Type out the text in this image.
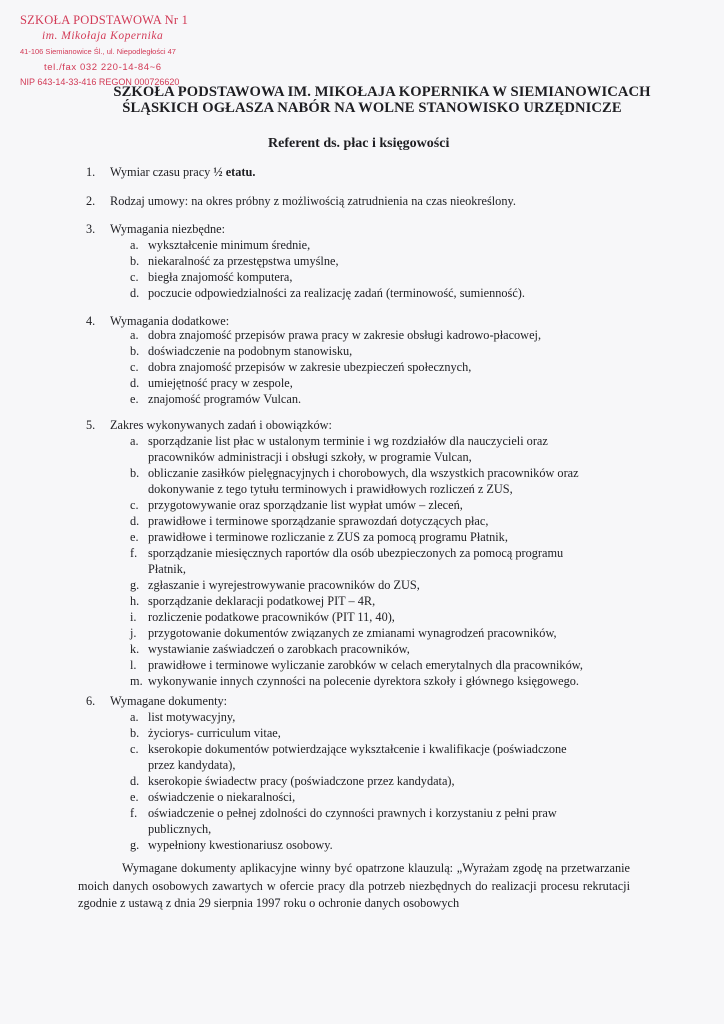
SZKOŁA PODSTAWOWA Nr 1
im. Mikołaja Kopernika
41-106 Siemianowice Śl., ul. Niepodległości 47
tel./fax 032 220-14-84~6
NIP 643-14-33-416 REGON 000726620
SZKOŁA PODSTAWOWA IM. MIKOŁAJA KOPERNIKA W SIEMIANOWICACH
ŚLĄSKICH OGŁASZA NABÓR NA WOLNE STANOWISKO URZĘDNICZE
Referent ds. płac i księgowości
1. Wymiar czasu pracy ½ etatu.
2. Rodzaj umowy: na okres próbny z możliwością zatrudnienia na czas nieokreślony.
3. Wymagania niezbędne:
a. wykształcenie minimum średnie,
b. niekaralność za przestępstwa umyślne,
c. biegła znajomość komputera,
d. poczucie odpowiedzialności za realizację zadań (terminowość, sumienność).
4. Wymagania dodatkowe:
a. dobra znajomość przepisów prawa pracy w zakresie obsługi kadrowo-płacowej,
b. doświadczenie na podobnym stanowisku,
c. dobra znajomość przepisów w zakresie ubezpieczeń społecznych,
d. umiejętność pracy w zespole,
e. znajomość programów Vulcan.
5. Zakres wykonywanych zadań i obowiązków:
a. sporządzanie list płac w ustalonym terminie i wg rozdziałów dla nauczycieli oraz
pracowników administracji i obsługi szkoły, w programie Vulcan,
b. obliczanie zasiłków pielęgnacyjnych i chorobowych, dla wszystkich pracowników oraz
dokonywanie z tego tytułu terminowych i prawidłowych rozliczeń z ZUS,
c. przygotowywanie oraz sporządzanie list wypłat umów – zleceń,
d. prawidłowe i terminowe sporządzanie sprawozdań dotyczących płac,
e. prawidłowe i terminowe rozliczanie z ZUS za pomocą programu Płatnik,
f. sporządzanie miesięcznych raportów dla osób ubezpieczonych za pomocą programu
Płatnik,
g. zgłaszanie i wyrejestrowywanie pracowników do ZUS,
h. sporządzanie deklaracji podatkowej PIT – 4R,
i. rozliczenie podatkowe pracowników (PIT 11, 40),
j. przygotowanie dokumentów związanych ze zmianami wynagrodzeń pracowników,
k. wystawianie zaświadczeń o zarobkach pracowników,
l. prawidłowe i terminowe wyliczanie zarobków w celach emerytalnych dla pracowników,
m. wykonywanie innych czynności na polecenie dyrektora szkoły i głównego księgowego.
6. Wymagane dokumenty:
a. list motywacyjny,
b. życiorys- curriculum vitae,
c. kserokopie dokumentów potwierdzające wykształcenie i kwalifikacje (poświadczone
przez kandydata),
d. kserokopie świadectw pracy (poświadczone przez kandydata),
e. oświadczenie o niekaralności,
f. oświadczenie o pełnej zdolności do czynności prawnych i korzystaniu z pełni praw
publicznych,
g. wypełniony kwestionariusz osobowy.
Wymagane dokumenty aplikacyjne winny być opatrzone klauzulą: „Wyrażam zgodę na przetwarzanie moich danych osobowych zawartych w ofercie pracy dla potrzeb niezbędnych do realizacji procesu rekrutacji zgodnie z ustawą z dnia 29 sierpnia 1997 roku o ochronie danych osobowych
